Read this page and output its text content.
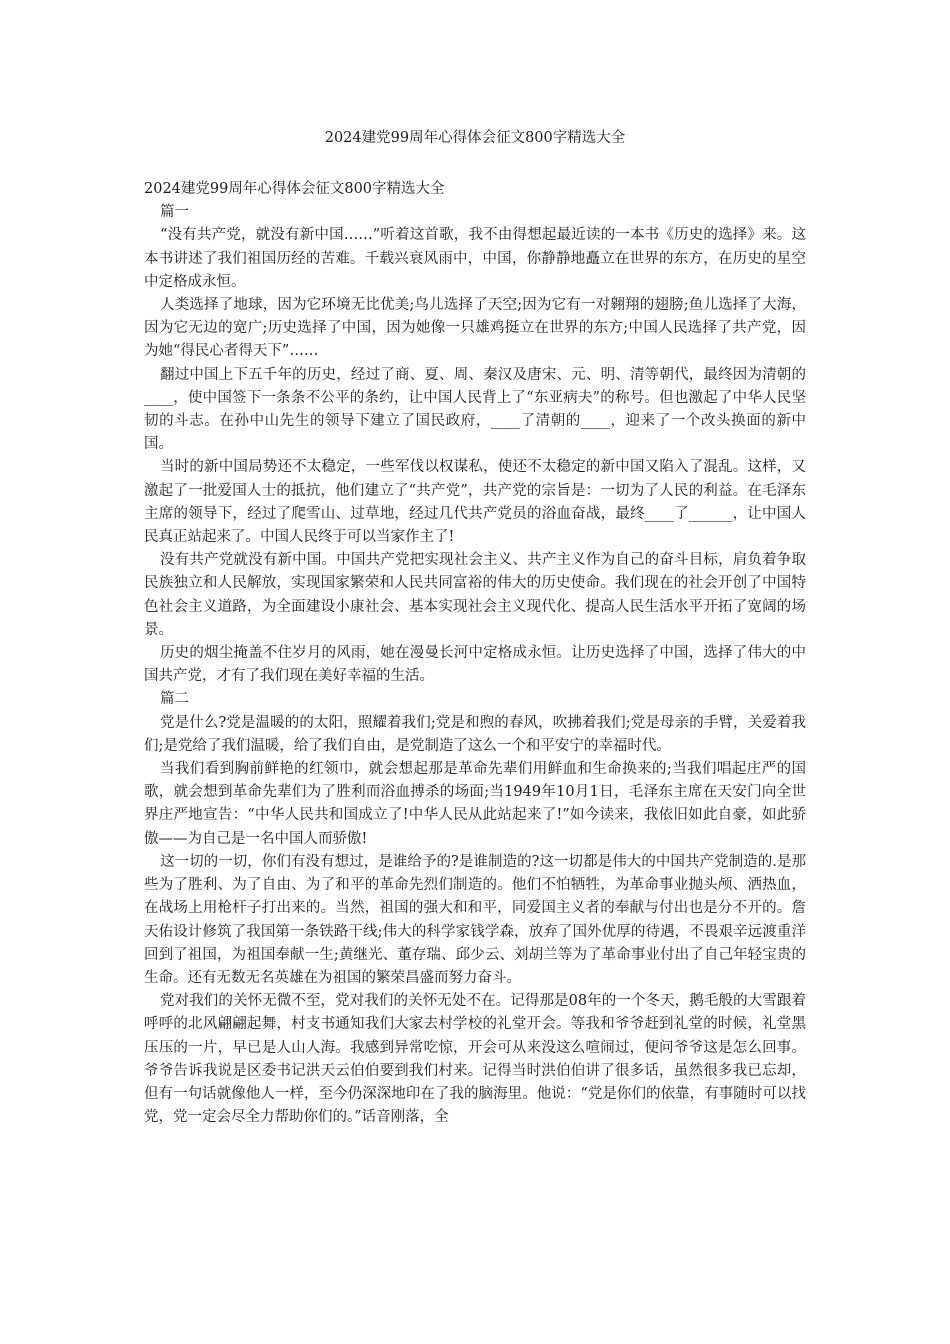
2024建党99周年心得体会征文800字精选大全

2024建党99周年心得体会征文800字精选大全

篇一

“没有共产党，就没有新中国……”听着这首歌，我不由得想起最近读的一本书《历史的选择》来。这本书讲述了我们祖国历经的苦难。千载兴衰风雨中，中国，你静静地矗立在世界的东方，在历史的星空中定格成永恒。

人类选择了地球，因为它环境无比优美;鸟儿选择了天空;因为它有一对翱翔的翅膀;鱼儿选择了大海，因为它无边的宽广;历史选择了中国，因为她像一只雄鸡挺立在世界的东方;中国人民选择了共产党，因为她“得民心者得天下”……

翻过中国上下五千年的历史，经过了商、夏、周、秦汉及唐宋、元、明、清等朝代，最终因为清朝的____，使中国签下一条条不公平的条约，让中国人民背上了“东亚病夫”的称号。但也激起了中华人民坚韧的斗志。在孙中山先生的领导下建立了国民政府，____了清朝的____，迎来了一个改头换面的新中国。

当时的新中国局势还不太稳定，一些军伐以权谋私，使还不太稳定的新中国又陷入了混乱。这样，又激起了一批爱国人士的抵抗，他们建立了“共产党”，共产党的宗旨是：一切为了人民的利益。在毛泽东主席的领导下，经过了爬雪山、过草地，经过几代共产党员的浴血奋战，最终____了______，让中国人民真正站起来了。中国人民终于可以当家作主了!

没有共产党就没有新中国。中国共产党把实现社会主义、共产主义作为自己的奋斗目标，肩负着争取民族独立和人民解放，实现国家繁荣和人民共同富裕的伟大的历史使命。我们现在的社会开创了中国特色社会主义道路，为全面建设小康社会、基本实现社会主义现代化、提高人民生活水平开拓了宽阔的场景。

历史的烟尘掩盖不住岁月的风雨，她在漫曼长河中定格成永恒。让历史选择了中国，选择了伟大的中国共产党，才有了我们现在美好幸福的生活。

篇二

党是什么?党是温暖的的太阳，照耀着我们;党是和煦的春风，吹拂着我们;党是母亲的手臂，关爱着我们;是党给了我们温暖，给了我们自由，是党制造了这么一个和平安宁的幸福时代。

当我们看到胸前鲜艳的红领巾，就会想起那是革命先辈们用鲜血和生命换来的;当我们唱起庄严的国歌，就会想到革命先辈们为了胜利而浴血搏杀的场面;当1949年10月1日，毛泽东主席在天安门向全世界庄严地宣告：“中华人民共和国成立了!中华人民从此站起来了!”如今读来，我依旧如此自豪，如此骄傲——为自己是一名中国人而骄傲!

这一切的一切，你们有没有想过，是谁给予的?是谁制造的?这一切都是伟大的中国共产党制造的.是那些为了胜利、为了自由、为了和平的革命先烈们制造的。他们不怕牺牲，为革命事业抛头颅、洒热血，在战场上用枪杆子打出来的。当然，祖国的强大和和平，同爱国主义者的奉献与付出也是分不开的。詹天佑设计修筑了我国第一条铁路干线;伟大的科学家钱学森，放弃了国外优厚的待遇，不畏艰辛远渡重洋回到了祖国，为祖国奉献一生;黄继光、董存瑞、邱少云、刘胡兰等为了革命事业付出了自己年轻宝贵的生命。还有无数无名英雄在为祖国的繁荣昌盛而努力奋斗。

党对我们的关怀无微不至，党对我们的关怀无处不在。记得那是08年的一个冬天，鹅毛般的大雪跟着呼呼的北风翩翩起舞，村支书通知我们大家去村学校的礼堂开会。等我和爷爷赶到礼堂的时候，礼堂黑压压的一片，早已是人山人海。我感到异常吃惊，开会可从来没这么喧闹过，便问爷爷这是怎么回事。爷爷告诉我说是区委书记洪天云伯伯要到我们村来。记得当时洪伯伯讲了很多话，虽然很多我已忘却，但有一句话就像他人一样，至今仍深深地印在了我的脑海里。他说：“党是你们的依靠，有事随时可以找党，党一定会尽全力帮助你们的。”话音刚落，全
